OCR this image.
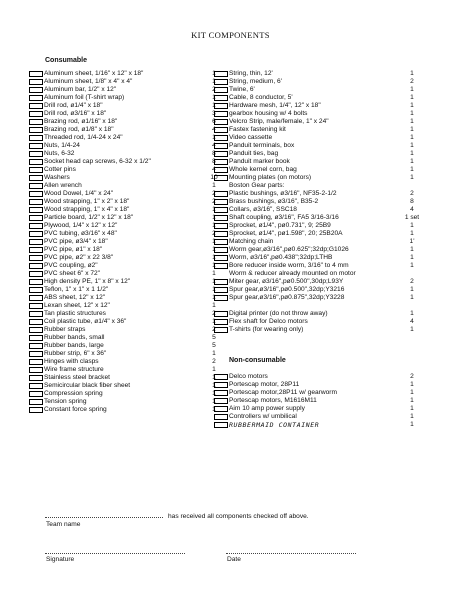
KIT COMPONENTS
Consumable
Aluminum sheet, 1/16" x 12" x 18"	1
Aluminum sheet, 1/8" x 4" x 4"	1
Aluminum bar, 1/2" x 12"	2
Aluminum foil (T-shirt wrap)	1
Drill rod, ø1/4" x 18"	1
Drill rod, ø3/16" x 18"	3
Brazing rod, ø1/16" x 18"	6
Brazing rod, ø1/8" x 18"	4
Threaded rod, 1/4-24 x 24"	1
Nuts, 1/4-24	4
Nuts, 6-32	8
Socket head cap screws, 6-32 x 1/2"	8
Cotter pins	4
Washers	10
Allen wrench	1
Wood Dowel, 1/4" x 24"	2
Wood strapping, 1" x 2" x 18"	2
Wood strapping, 1" x 4" x 18"	1
Particle board, 1/2" x 12" x 18"	1
Plywood, 1/4" x 12" x 12"	1
PVC tubing, ø3/16" x 48"	2
PVC pipe, ø3/4" x 18"	1
PVC pipe, ø1" x 18"	1
PVC pipe, ø2" x 22 3/8"	1
PVC coupling, ø2"	1
PVC sheet 6" x 72"	1
High density PE, 1" x 8" x 12"	1
Teflon, 1" x 1" x 1 1/2"	1
ABS sheet, 12" x 12"	1
Lexan sheet, 12" x 12"	1
Tan plastic structures	2
Coil plastic tube, ø1/4" x 36"	1
Rubber straps	2
Rubber bands, small	5
Rubber bands, large	5
Rubber strip, 6" x 36"	1
Hinges with clasps	2
Wire frame structure	1
Stainless steel bracket	1
Semicircular black fiber sheet	1
Compression spring	1
Tension spring	1
Constant force spring	1
String, thin, 12'	1
String, medium, 6'	2
Twine, 6'	1
Cable, 8 conductor, 5'	1
Hardware mesh, 1/4", 12" x 18"	1
gearbox housing w/ 4 bolts	1
Velcro Strip, male/female, 1" x 24"	1
Fastex fastening kit	1
Video cassette	1
Panduit terminals, box	1
Panduit ties, bag	1
Panduit marker book	1
Whole kernel corn, bag	1
Mounting plates (on motors)	1
Boston Gear parts:
Plastic bushings, ø3/16", NF35-2-1/2	2
Brass bushings, ø3/16", B35-2	8
Collars, ø3/16", SSC18	4
Shaft coupling, ø3/16", FA5 3/16-3/16	1 set
Sprocket, ø1/4", pø0.731", 9; 25B9	1
Sprocket, ø1/4", pø1.598", 20; 25B20A	1
Matching chain	1'
Worm gear,ø3/16",pø0.625";32dp;G1026	1
Worm, ø3/16",pø0.438";32dp;LTHB	1
Bore reducer inside worm, 3/16" to 4 mm	1
Worm & reducer already mounted on motor
Miter gear, ø3/16",pø0.500",30dp;L93Y	2
Spur gear,ø3/16",pø0.500",32dp;Y3216	1
Spur gear,ø3/16",pø0.875",32dp;Y3228	1
Digital printer (do not throw away)	1
Flex shaft for Delco motors	4
T-shirts (for wearing only)	1
Non-consumable
Delco motors	2
Portescap motor, 28P11	1
Portescap motor,28P11 w/ gearworm	1
Portescap motors, M1616M11	1
Aim 10 amp power supply	1
Controllers w/ umbilical	1
RUBBERMAID CONTAINER	1
has received all components checked off above.
Team name
Signature	Date
